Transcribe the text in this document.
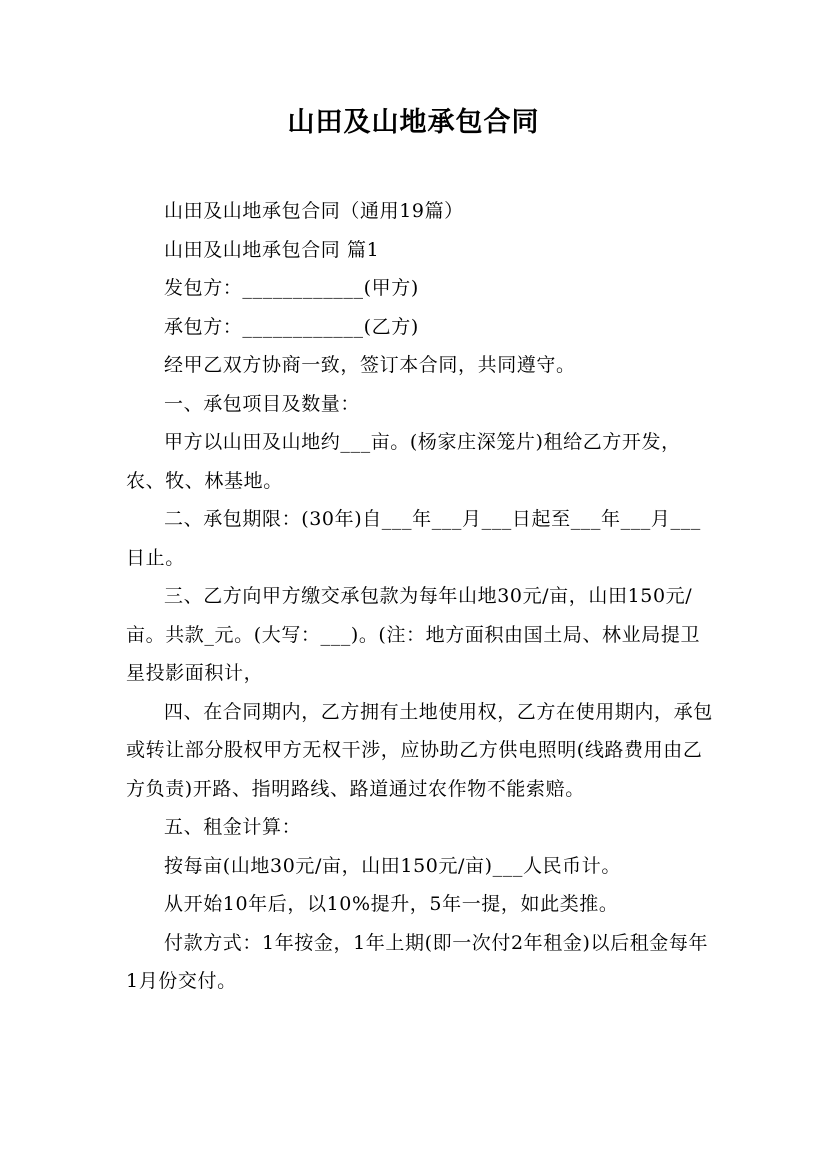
山田及山地承包合同

山田及山地承包合同（通用19篇）

山田及山地承包合同 篇1

发包方：____________(甲方)

承包方：____________(乙方)

经甲乙双方协商一致，签订本合同，共同遵守。

一、承包项目及数量：

甲方以山田及山地约___亩。(杨家庄深笼片)租给乙方开发，农、牧、林基地。

二、承包期限：(30年)自___年___月___日起至___年___月___日止。

三、乙方向甲方缴交承包款为每年山地30元/亩，山田150元/亩。共款_元。(大写：___)。(注：地方面积由国土局、林业局提卫星投影面积计，

四、在合同期内，乙方拥有土地使用权，乙方在使用期内，承包或转让部分股权甲方无权干涉，应协助乙方供电照明(线路费用由乙方负责)开路、指明路线、路道通过农作物不能索赔。

五、租金计算：

按每亩(山地30元/亩，山田150元/亩)___人民币计。

从开始10年后，以10%提升，5年一提，如此类推。

付款方式：1年按金，1年上期(即一次付2年租金)以后租金每年1月份交付。
